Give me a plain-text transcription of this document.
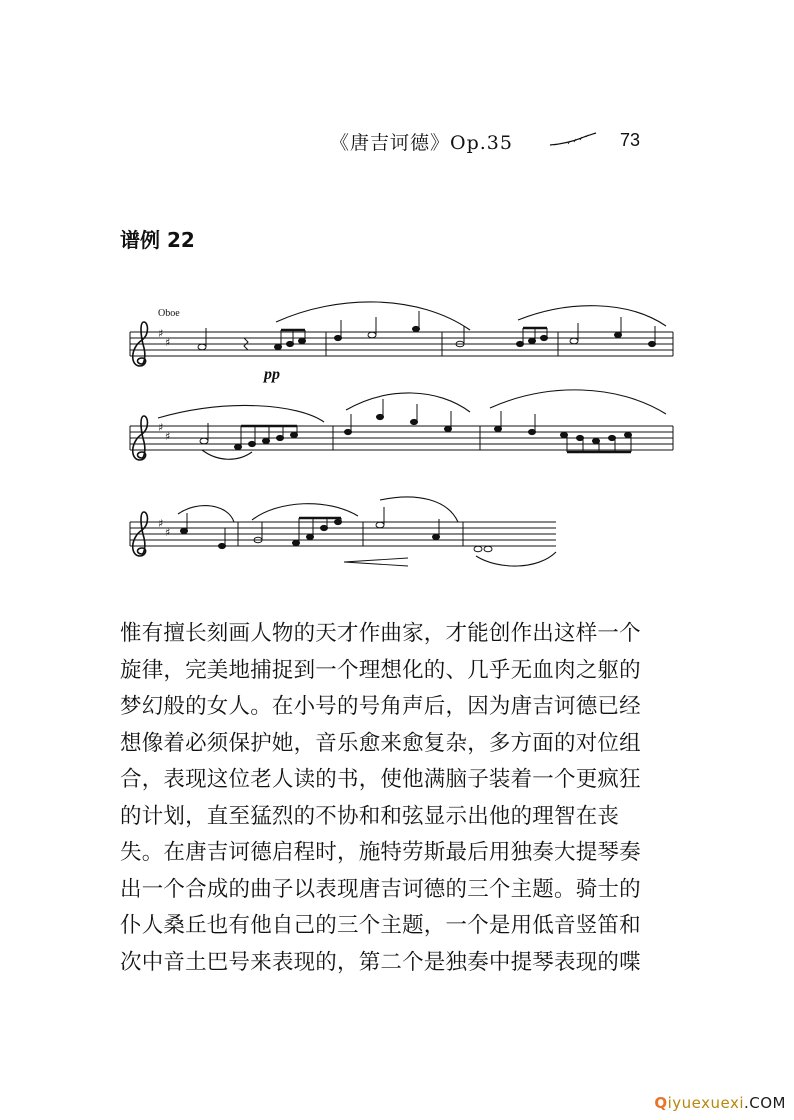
《唐吉诃德》Op.35	73
谱例 22
Oboe
pp
♯
♯
♯
♯
♯
♯
惟有擅长刻画人物的天才作曲家，才能创作出这样一个
旋律，完美地捕捉到一个理想化的、几乎无血肉之躯的
梦幻般的女人。在小号的号角声后，因为唐吉诃德已经
想像着必须保护她，音乐愈来愈复杂，多方面的对位组
合，表现这位老人读的书，使他满脑子装着一个更疯狂
的计划，直至猛烈的不协和和弦显示出他的理智在丧
失。在唐吉诃德启程时，施特劳斯最后用独奏大提琴奏
出一个合成的曲子以表现唐吉诃德的三个主题。骑士的
仆人桑丘也有他自己的三个主题，一个是用低音竖笛和
次中音土巴号来表现的，第二个是独奏中提琴表现的喋
Qiyuexuexi.COM
